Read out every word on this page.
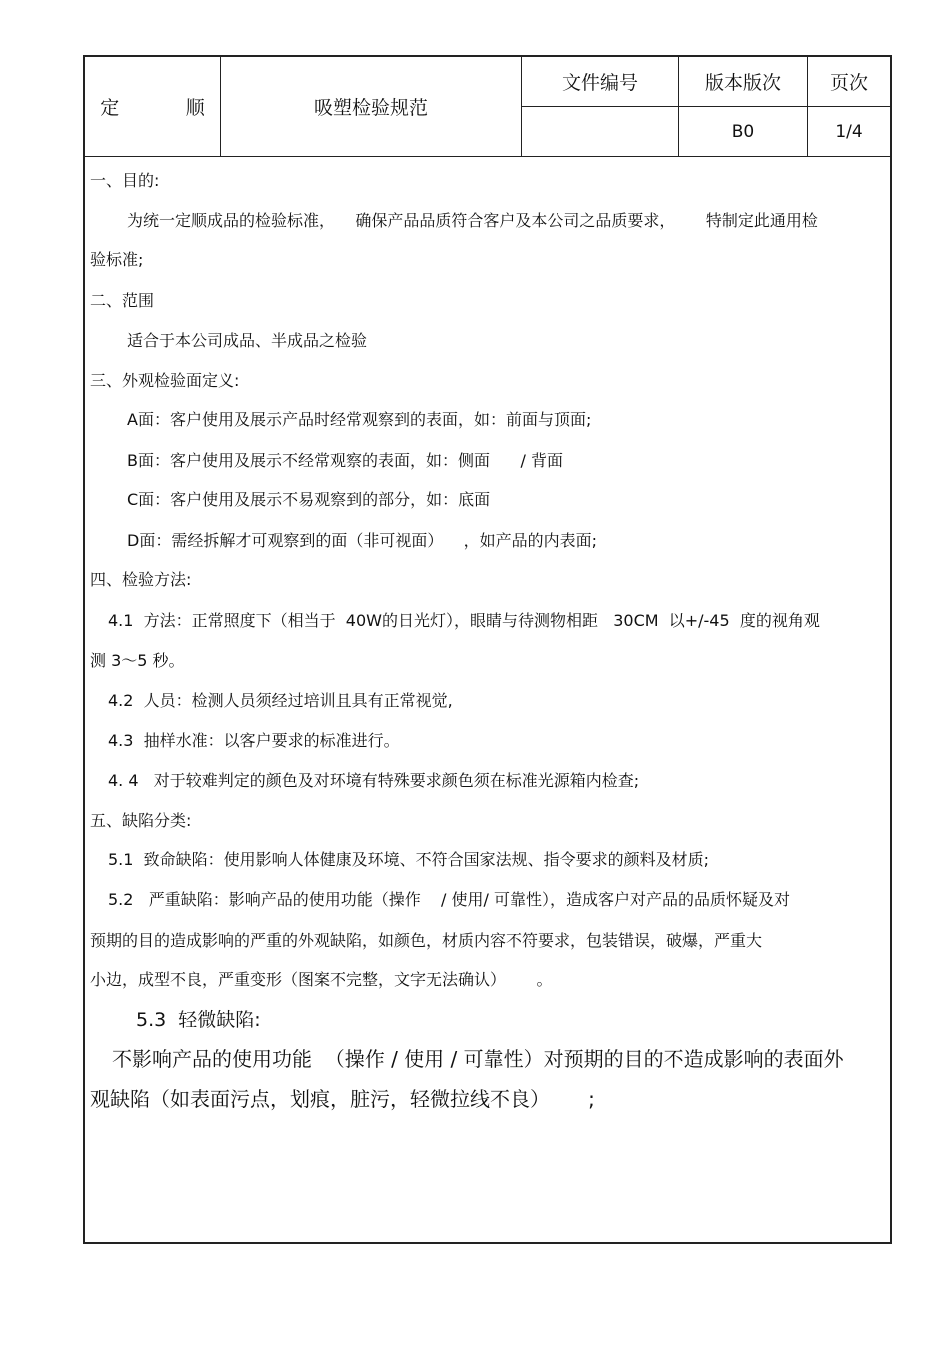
定           顺	吸塑检验规范
文件编号	版本版次
B0
页次
1/4
一、目的:
为统一定顺成品的检验标准，    确保产品品质符合客户及本公司之品质要求，      特制定此通用检
验标准;
二、范围
适合于本公司成品、半成品之检验
三、外观检验面定义:
A面：客户使用及展示产品时经常观察到的表面，如：前面与顶面;
B面：客户使用及展示不经常观察的表面，如：侧面      / 背面
C面：客户使用及展示不易观察到的部分，如：底面
D面：需经拆解才可观察到的面（非可视面）    ，如产品的内表面;
四、检验方法:
4.1  方法：正常照度下（相当于  40W的日光灯），眼睛与待测物相距   30CM  以+/-45  度的视角观
测 3～5 秒。
4.2  人员：检测人员须经过培训且具有正常视觉,
4.3  抽样水准：以客户要求的标准进行。
4. 4   对于较难判定的颜色及对环境有特殊要求颜色须在标准光源箱内检查;
五、缺陷分类:
5.1  致命缺陷：使用影响人体健康及环境、不符合国家法规、指令要求的颜料及材质;
5.2   严重缺陷：影响产品的使用功能（操作    / 使用/ 可靠性），造成客户对产品的品质怀疑及对
预期的目的造成影响的严重的外观缺陷，如颜色，材质内容不符要求，包装错误，破爆，严重大
小边，成型不良，严重变形（图案不完整，文字无法确认）      。
5.3  轻微缺陷:
不影响产品的使用功能  （操作 / 使用 / 可靠性）对预期的目的不造成影响的表面外
观缺陷（如表面污点，划痕，脏污，轻微拉线不良）      ;
